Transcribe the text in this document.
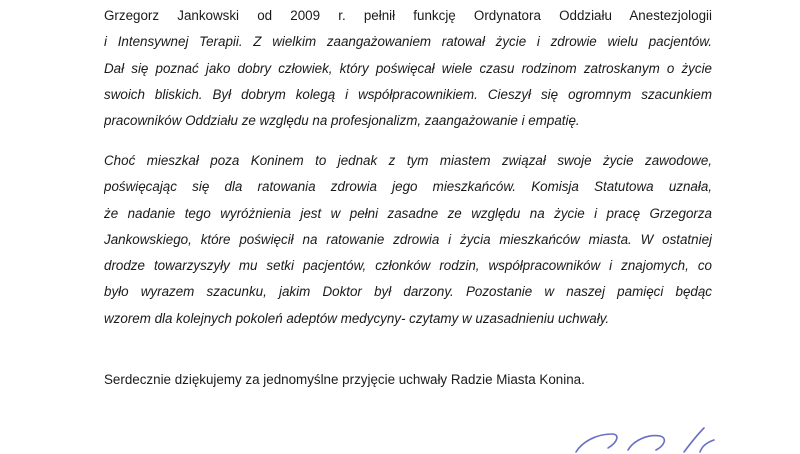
Grzegorz Jankowski od 2009 r. pełnił funkcję Ordynatora Oddziału Anestezjologii
i Intensywnej Terapii. Z wielkim zaangażowaniem ratował życie i zdrowie wielu pacjentów.
Dał się poznać jako dobry człowiek, który poświęcał wiele czasu rodzinom zatroskanym o życie
swoich bliskich. Był dobrym kolegą i współpracownikiem. Cieszył się ogromnym szacunkiem
pracowników Oddziału ze względu na profesjonalizm, zaangażowanie i empatię.
Choć mieszkał poza Koninem to jednak z tym miastem związał swoje życie zawodowe,
poświęcając się dla ratowania zdrowia jego mieszkańców. Komisja Statutowa uznała,
że nadanie tego wyróżnienia jest w pełni zasadne ze względu na życie i pracę Grzegorza
Jankowskiego, które poświęcił na ratowanie zdrowia i życia mieszkańców miasta. W ostatniej
drodze towarzyszyły mu setki pacjentów, członków rodzin, współpracowników i znajomych, co
było wyrazem szacunku, jakim Doktor był darzony. Pozostanie w naszej pamięci będąc
wzorem dla kolejnych pokoleń adeptów medycyny- czytamy w uzasadnieniu uchwały.
Serdecznie dziękujemy za jednomyślne przyjęcie uchwały Radzie Miasta Konina.
